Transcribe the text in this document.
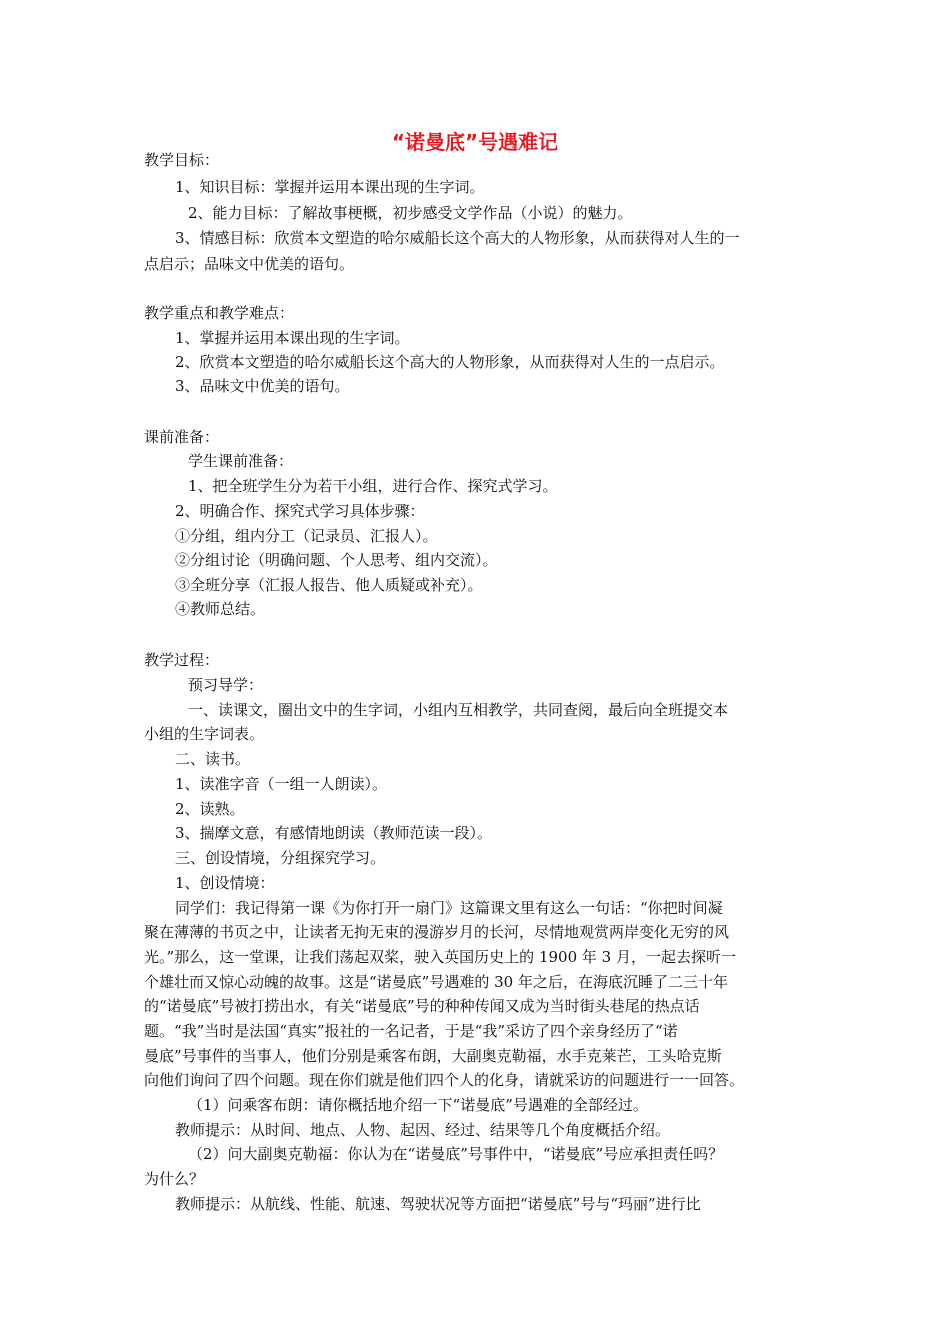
“诺曼底”号遇难记
教学目标：
1、知识目标：掌握并运用本课出现的生字词。
2、能力目标：了解故事梗概，初步感受文学作品（小说）的魅力。
3、情感目标：欣赏本文塑造的哈尔威船长这个高大的人物形象，从而获得对人生的一
点启示；品味文中优美的语句。
教学重点和教学难点：
1、掌握并运用本课出现的生字词。
2、欣赏本文塑造的哈尔威船长这个高大的人物形象，从而获得对人生的一点启示。
3、品味文中优美的语句。
课前准备：
学生课前准备：
1、把全班学生分为若干小组，进行合作、探究式学习。
2、明确合作、探究式学习具体步骤：
①分组，组内分工（记录员、汇报人）。
②分组讨论（明确问题、个人思考、组内交流）。
③全班分享（汇报人报告、他人质疑或补充）。
④教师总结。
教学过程：
预习导学：
一、读课文，圈出文中的生字词，小组内互相教学，共同查阅，最后向全班提交本
小组的生字词表。
二、读书。
1、读准字音（一组一人朗读）。
2、读熟。
3、揣摩文意，有感情地朗读（教师范读一段）。
三、创设情境，分组探究学习。
1、创设情境：
同学们：我记得第一课《为你打开一扇门》这篇课文里有这么一句话：“你把时间凝
聚在薄薄的书页之中，让读者无拘无束的漫游岁月的长河，尽情地观赏两岸变化无穷的风
光。”那么，这一堂课，让我们荡起双桨，驶入英国历史上的 1900 年 3 月，一起去探听一
个雄壮而又惊心动魄的故事。这是“诺曼底”号遇难的 30 年之后，在海底沉睡了二三十年
的“诺曼底”号被打捞出水，有关“诺曼底”号的种种传闻又成为当时街头巷尾的热点话
题。“我”当时是法国“真实”报社的一名记者，于是“我”采访了四个亲身经历了“诺
曼底”号事件的当事人，他们分别是乘客布朗，大副奥克勒福，水手克莱芒，工头哈克斯
向他们询问了四个问题。现在你们就是他们四个人的化身，请就采访的问题进行一一回答。
（1）问乘客布朗：请你概括地介绍一下“诺曼底”号遇难的全部经过。
教师提示：从时间、地点、人物、起因、经过、结果等几个角度概括介绍。
（2）问大副奥克勒福：你认为在“诺曼底”号事件中，“诺曼底”号应承担责任吗？
为什么？
教师提示：从航线、性能、航速、驾驶状况等方面把“诺曼底”号与“玛丽”进行比
